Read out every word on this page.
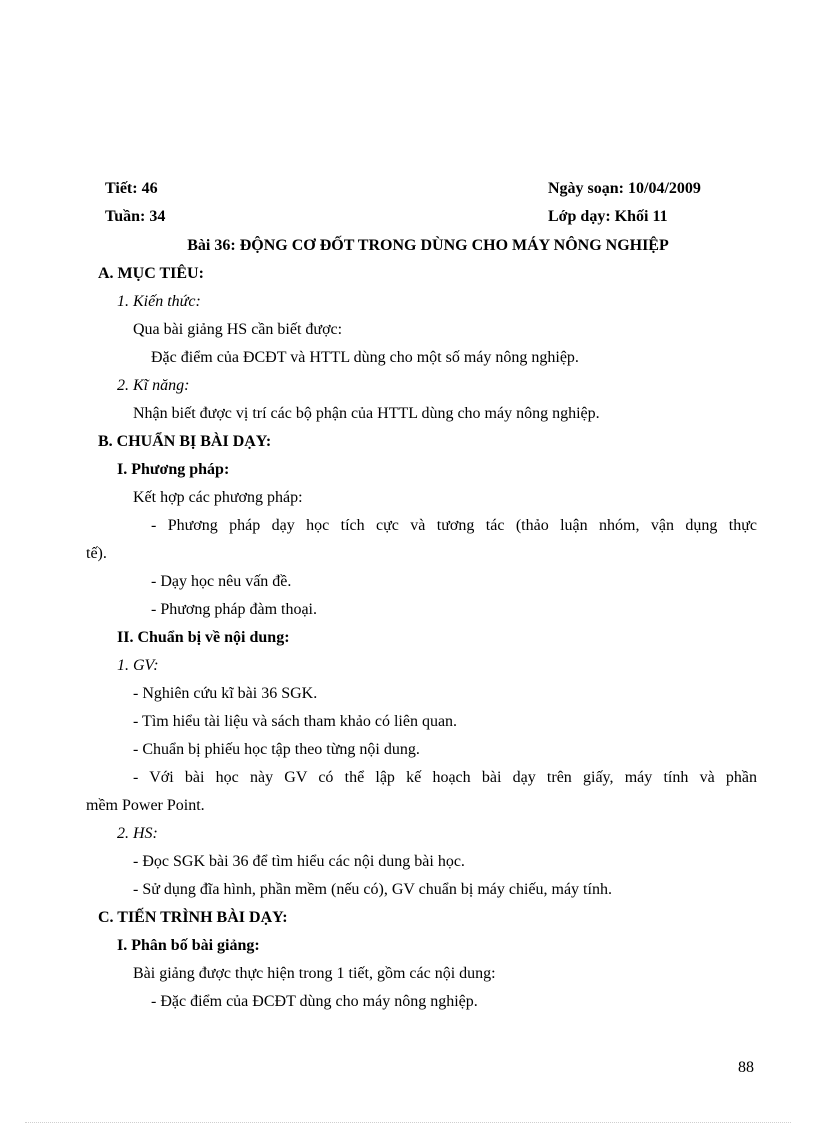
Tiết: 46	Ngày soạn: 10/04/2009
Tuần: 34	Lớp dạy: Khối 11
Bài 36: ĐỘNG CƠ ĐỐT TRONG DÙNG CHO MÁY NÔNG NGHIỆP
A. MỤC TIÊU:
1. Kiến thức:
Qua bài giảng HS cần biết được:
Đặc điểm của ĐCĐT và HTTL dùng cho một số máy nông nghiệp.
2. Kĩ năng:
Nhận biết được vị trí các bộ phận của HTTL dùng cho máy nông nghiệp.
B. CHUẨN BỊ BÀI DẠY:
I. Phương pháp:
Kết hợp các phương pháp:
- Phương pháp dạy học tích cực và tương tác (thảo luận nhóm, vận dụng thực
tế).
- Dạy học nêu vấn đề.
- Phương pháp đàm thoại.
II. Chuẩn bị về nội dung:
1. GV:
- Nghiên cứu kĩ bài 36 SGK.
- Tìm hiểu tài liệu và sách tham khảo có liên quan.
- Chuẩn bị phiếu học tập theo từng nội dung.
- Với bài học này GV có thể lập kế hoạch bài dạy trên giấy, máy tính và phần
mềm Power Point.
2. HS:
- Đọc SGK bài 36 để tìm hiểu các nội dung bài học.
- Sử dụng đĩa hình, phần mềm (nếu có), GV chuẩn bị máy chiếu, máy tính.
C. TIẾN TRÌNH BÀI DẠY:
I. Phân bố bài giảng:
Bài giảng được thực hiện trong 1 tiết, gồm các nội dung:
- Đặc điểm của ĐCĐT dùng cho máy nông nghiệp.
88
